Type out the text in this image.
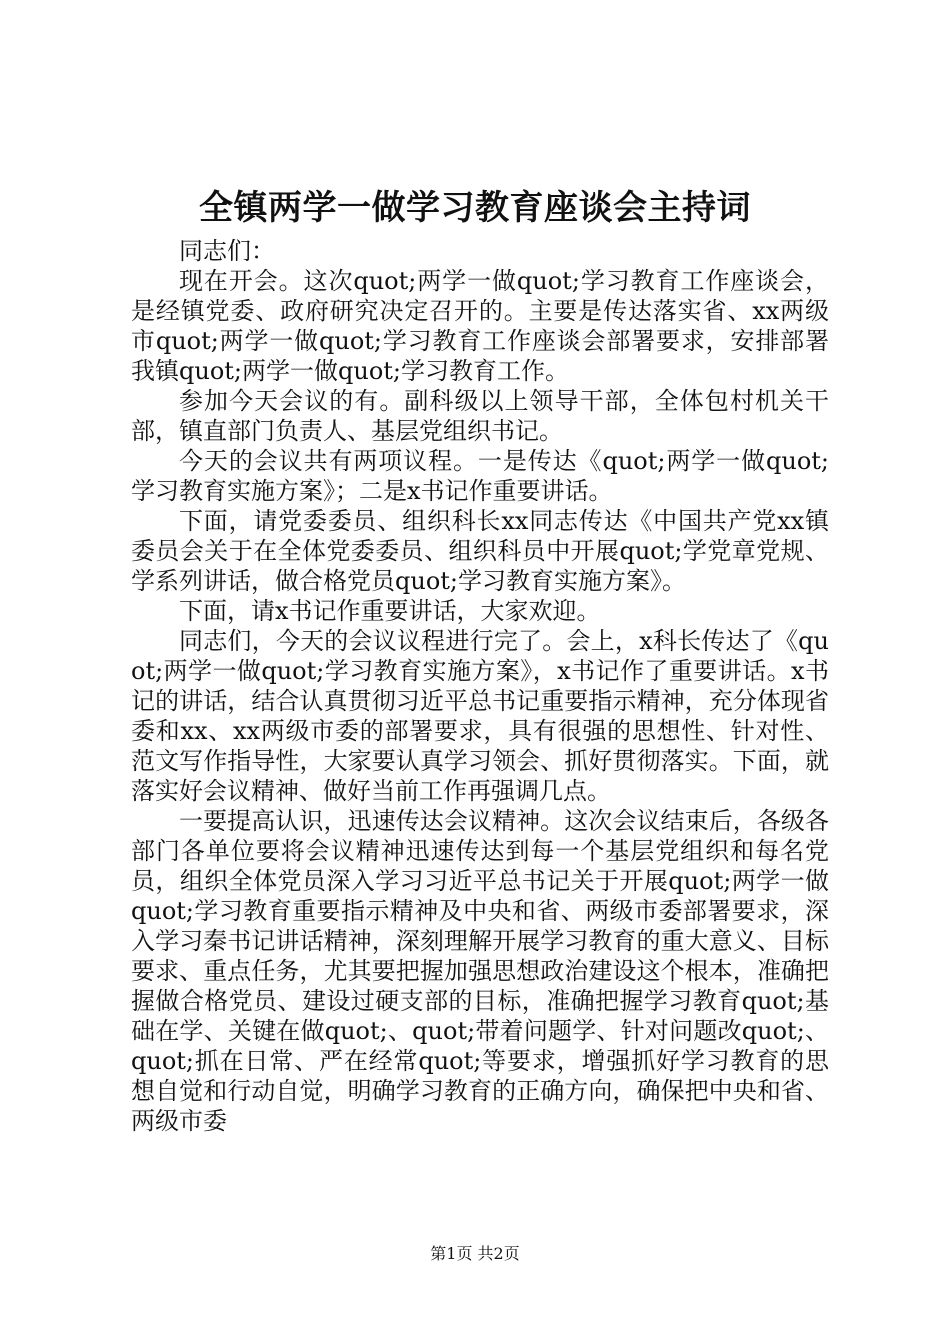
全镇两学一做学习教育座谈会主持词

同志们：

现在开会。这次quot;两学一做quot;学习教育工作座谈会，是经镇党委、政府研究决定召开的。主要是传达落实省、xx两级市quot;两学一做quot;学习教育工作座谈会部署要求，安排部署我镇quot;两学一做quot;学习教育工作。

参加今天会议的有。副科级以上领导干部，全体包村机关干部，镇直部门负责人、基层党组织书记。

今天的会议共有两项议程。一是传达《quot;两学一做quot;学习教育实施方案》；二是x书记作重要讲话。

下面，请党委委员、组织科长xx同志传达《中国共产党xx镇委员会关于在全体党委委员、组织科员中开展quot;学党章党规、学系列讲话，做合格党员quot;学习教育实施方案》。

下面，请x书记作重要讲话，大家欢迎。

同志们，今天的会议议程进行完了。会上，x科长传达了《quot;两学一做quot;学习教育实施方案》，x书记作了重要讲话。x书记的讲话，结合认真贯彻习近平总书记重要指示精神，充分体现省委和xx、xx两级市委的部署要求，具有很强的思想性、针对性、范文写作指导性，大家要认真学习领会、抓好贯彻落实。下面，就落实好会议精神、做好当前工作再强调几点。

一要提高认识，迅速传达会议精神。这次会议结束后，各级各部门各单位要将会议精神迅速传达到每一个基层党组织和每名党员，组织全体党员深入学习习近平总书记关于开展quot;两学一做quot;学习教育重要指示精神及中央和省、两级市委部署要求，深入学习秦书记讲话精神，深刻理解开展学习教育的重大意义、目标要求、重点任务，尤其要把握加强思想政治建设这个根本，准确把握做合格党员、建设过硬支部的目标，准确把握学习教育quot;基础在学、关键在做quot;、quot;带着问题学、针对问题改quot;、quot;抓在日常、严在经常quot;等要求，增强抓好学习教育的思想自觉和行动自觉，明确学习教育的正确方向，确保把中央和省、两级市委

第1页 共2页
